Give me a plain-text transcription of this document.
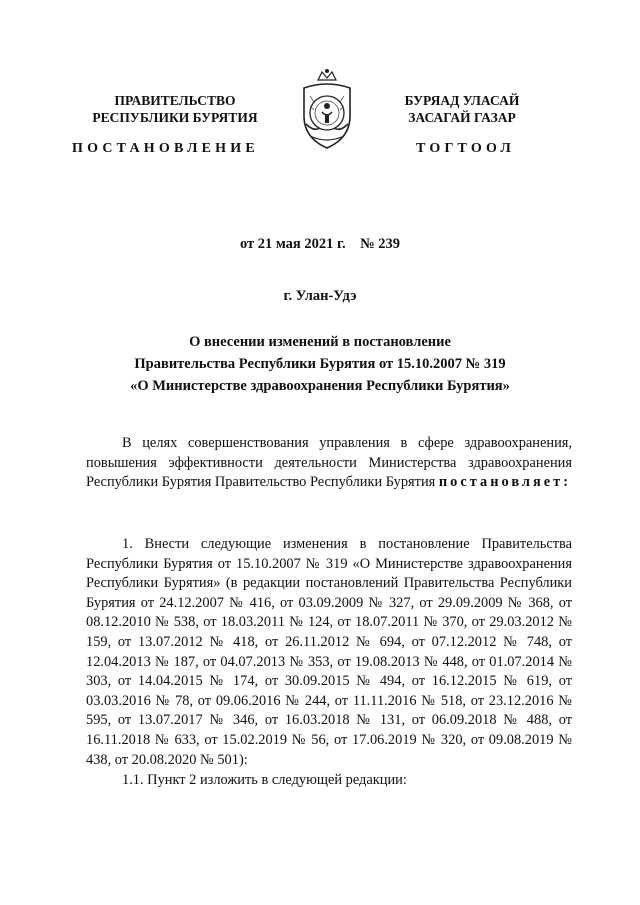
ПРАВИТЕЛЬСТВО
РЕСПУБЛИКИ БУРЯТИЯ
БУРЯАД УЛАСАЙ
ЗАСАГАЙ ГАЗАР
ПОСТАНОВЛЕНИЕ	ТОГТООЛ
от 21 мая 2021 г.    № 239
г. Улан-Удэ
О внесении изменений в постановление
Правительства Республики Бурятия от 15.10.2007 № 319
«О Министерстве здравоохранения Республики Бурятия»
В целях совершенствования управления в сфере здравоохранения, повышения эффективности деятельности Министерства здравоохранения Республики Бурятия Правительство Республики Бурятия постановляет:
1. Внести следующие изменения в постановление Правительства Республики Бурятия от 15.10.2007 № 319 «О Министерстве здравоохранения Республики Бурятия» (в редакции постановлений Правительства Республики Бурятия от 24.12.2007 № 416, от 03.09.2009 № 327, от 29.09.2009 № 368, от 08.12.2010 № 538, от 18.03.2011 № 124, от 18.07.2011 № 370, от 29.03.2012 № 159, от 13.07.2012 № 418, от 26.11.2012 № 694, от 07.12.2012 № 748, от 12.04.2013 № 187, от 04.07.2013 № 353, от 19.08.2013 № 448, от 01.07.2014 № 303, от 14.04.2015 № 174, от 30.09.2015 № 494, от 16.12.2015 № 619, от 03.03.2016 № 78, от 09.06.2016 № 244, от 11.11.2016 № 518, от 23.12.2016 № 595, от 13.07.2017 № 346, от 16.03.2018 № 131, от 06.09.2018 № 488, от 16.11.2018 № 633, от 15.02.2019 № 56, от 17.06.2019 № 320, от 09.08.2019 № 438, от 20.08.2020 № 501):
1.1. Пункт 2 изложить в следующей редакции:
